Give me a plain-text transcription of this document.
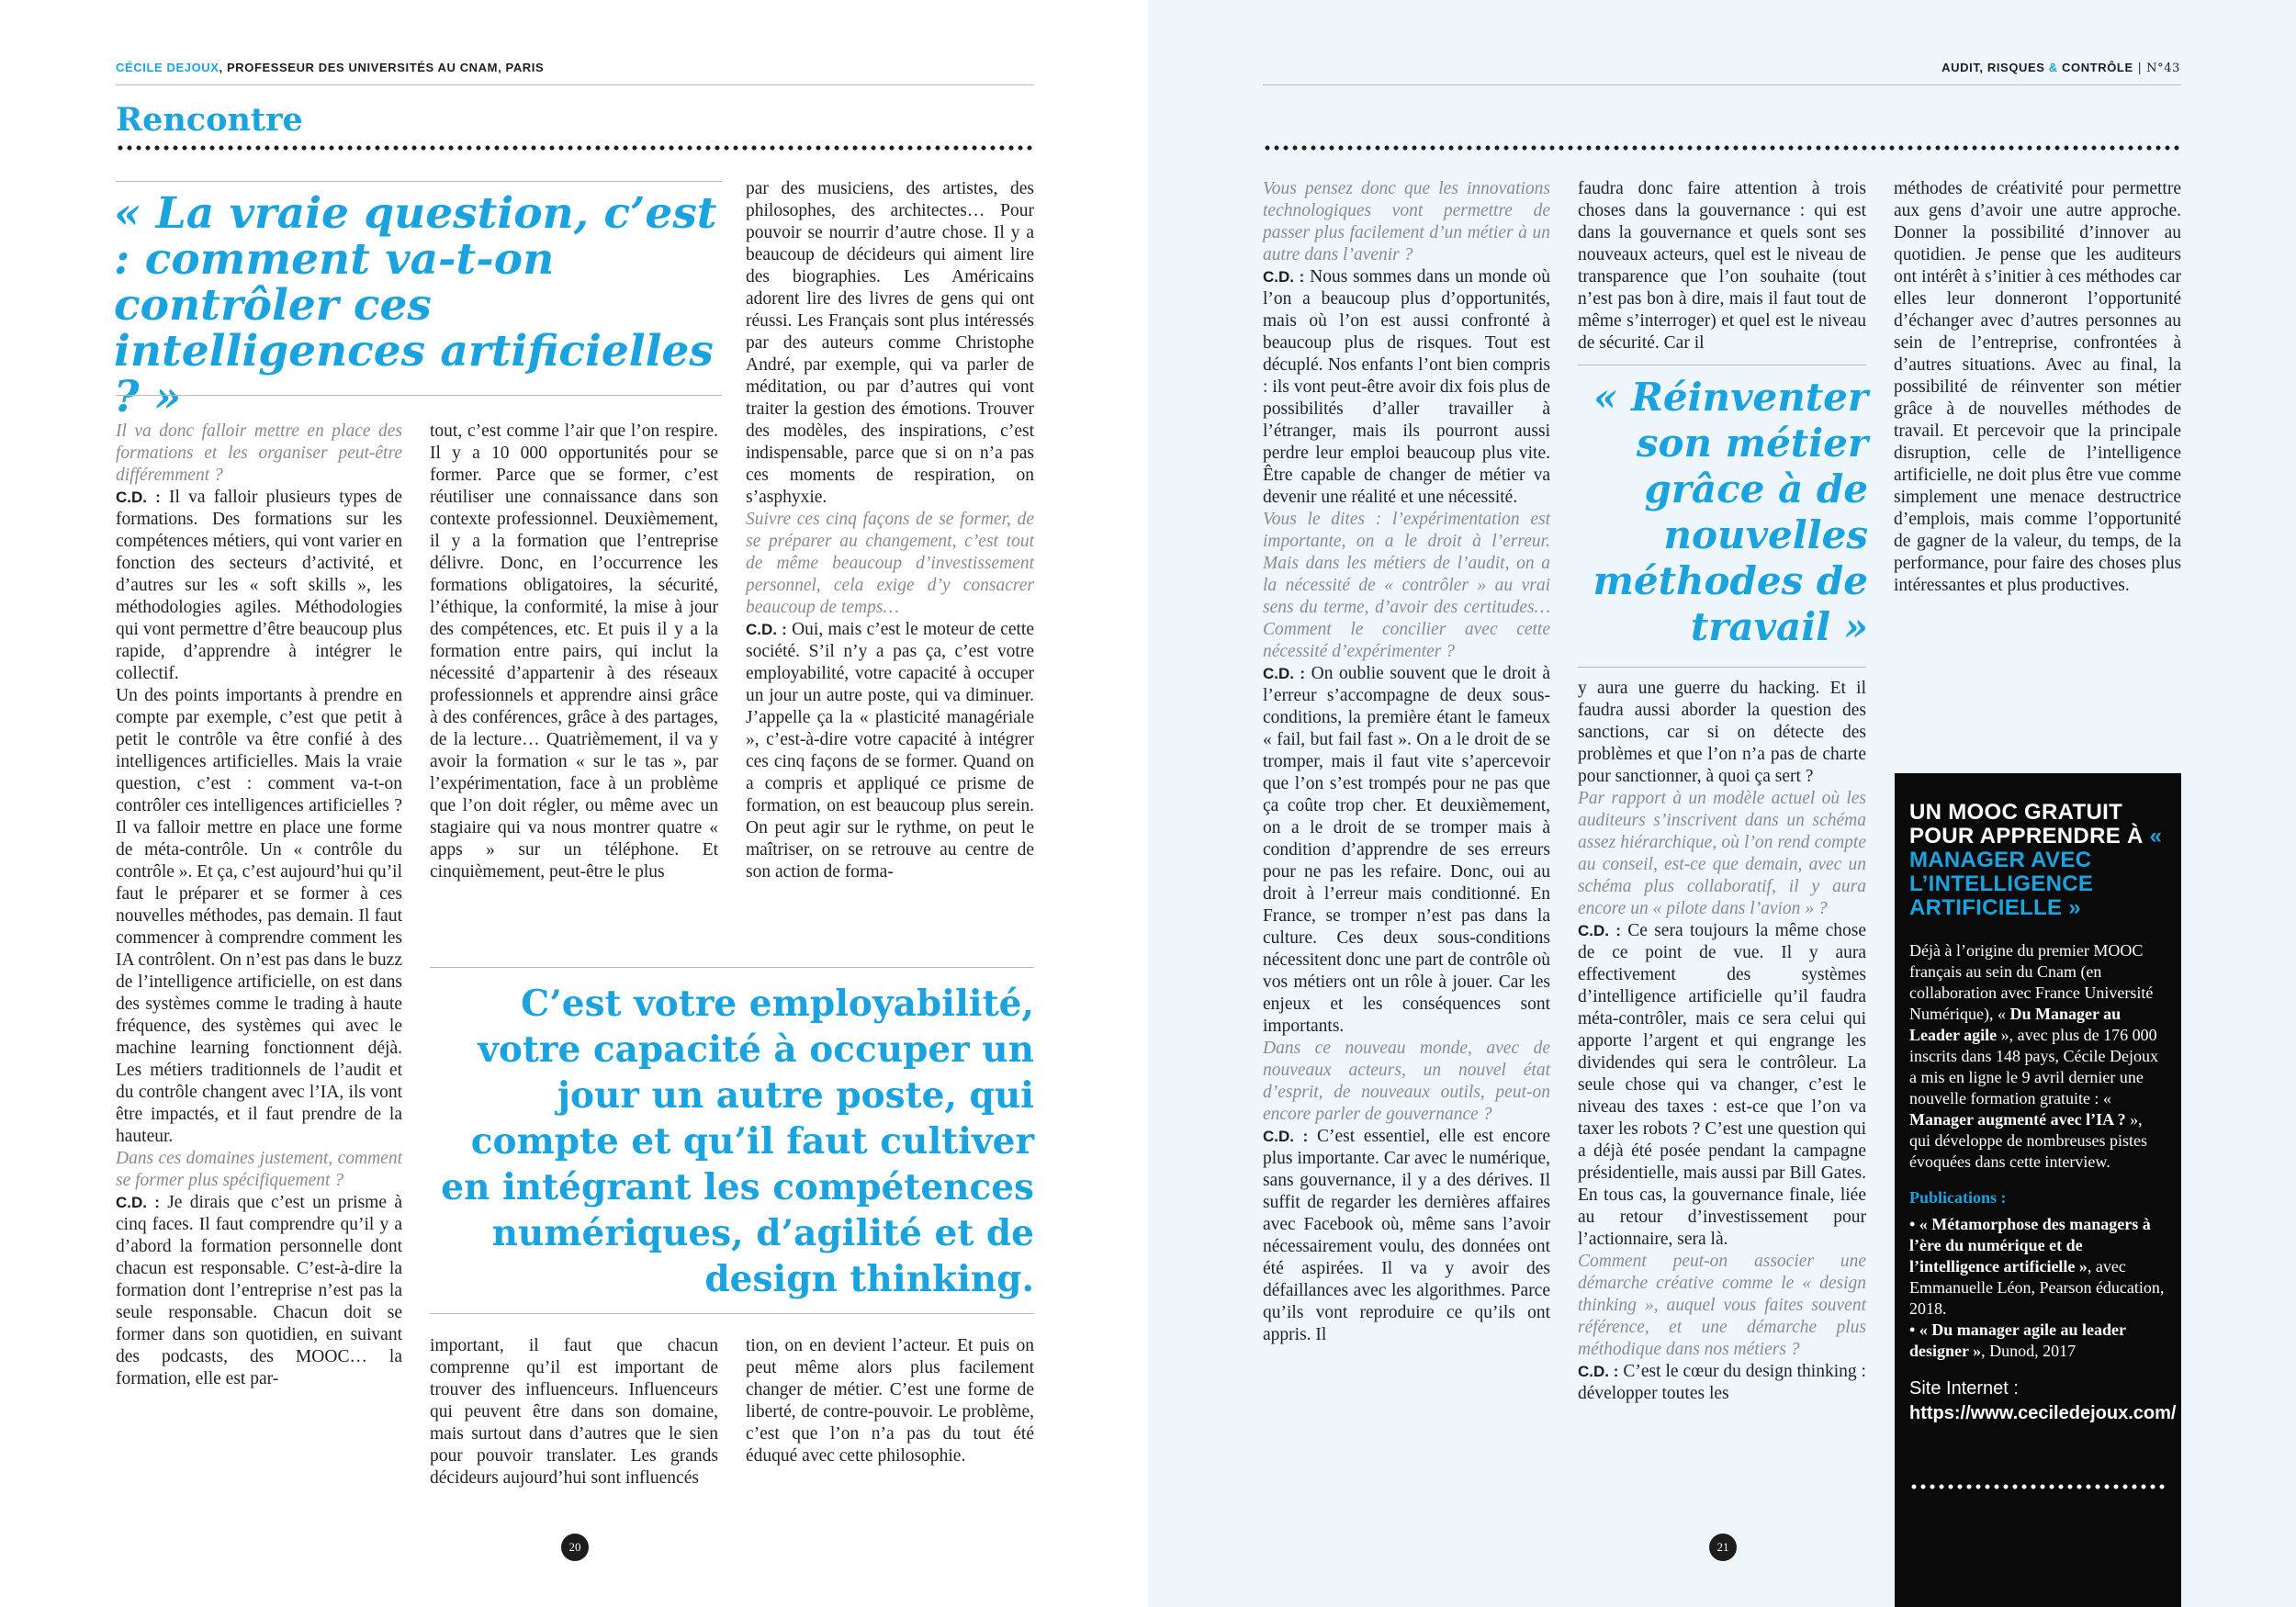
CÉCILE DEJOUX, PROFESSEUR DES UNIVERSITÉS AU CNAM, PARIS
Rencontre
« La vraie question, c’est : comment va-t-on contrôler ces intelligences artificielles ? »

Il va donc falloir mettre en place des formations et les organiser peut-être différemment ?

C.D. : Il va falloir plusieurs types de formations. Des formations sur les compétences métiers, qui vont varier en fonction des secteurs d’activité, et d’autres sur les « soft skills », les méthodologies agiles. Méthodologies qui vont permettre d’être beaucoup plus rapide, d’apprendre à intégrer le collectif.

Un des points importants à prendre en compte par exemple, c’est que petit à petit le contrôle va être confié à des intelligences artificielles. Mais la vraie question, c’est : comment va-t-on contrôler ces intelligences artificielles ? Il va falloir mettre en place une forme de méta-contrôle. Un « contrôle du contrôle ». Et ça, c’est aujourd’hui qu’il faut le préparer et se former à ces nouvelles méthodes, pas demain. Il faut commencer à comprendre comment les IA contrôlent. On n’est pas dans le buzz de l’intelligence artificielle, on est dans des systèmes comme le trading à haute fréquence, des systèmes qui avec le machine learning fonctionnent déjà. Les métiers traditionnels de l’audit et du contrôle changent avec l’IA, ils vont être impactés, et il faut prendre de la hauteur.

Dans ces domaines justement, comment se former plus spécifiquement ?

C.D. : Je dirais que c’est un prisme à cinq faces. Il faut comprendre qu’il y a d’abord la formation personnelle dont chacun est responsable. C’est-à-dire la formation dont l’entreprise n’est pas la seule responsable. Chacun doit se former dans son quotidien, en suivant des podcasts, des MOOC… la formation, elle est par-

tout, c’est comme l’air que l’on respire. Il y a 10 000 opportunités pour se former. Parce que se former, c’est réutiliser une connaissance dans son contexte professionnel. Deuxièmement, il y a la formation que l’entreprise délivre. Donc, en l’occurrence les formations obligatoires, la sécurité, l’éthique, la conformité, la mise à jour des compétences, etc. Et puis il y a la formation entre pairs, qui inclut la nécessité d’appartenir à des réseaux professionnels et apprendre ainsi grâce à des conférences, grâce à des partages, de la lecture… Quatrièmement, il va y avoir la formation « sur le tas », par l’expérimentation, face à un problème que l’on doit régler, ou même avec un stagiaire qui va nous montrer quatre « apps » sur un téléphone. Et cinquièmement, peut-être le plus

par des musiciens, des artistes, des philosophes, des architectes… Pour pouvoir se nourrir d’autre chose. Il y a beaucoup de décideurs qui aiment lire des biographies. Les Américains adorent lire des livres de gens qui ont réussi. Les Français sont plus intéressés par des auteurs comme Christophe André, par exemple, qui va parler de méditation, ou par d’autres qui vont traiter la gestion des émotions. Trouver des modèles, des inspirations, c’est indispensable, parce que si on n’a pas ces moments de respiration, on s’asphyxie.

Suivre ces cinq façons de se former, de se préparer au changement, c’est tout de même beaucoup d’investissement personnel, cela exige d’y consacrer beaucoup de temps…

C.D. : Oui, mais c’est le moteur de cette société. S’il n’y a pas ça, c’est votre employabilité, votre capacité à occuper un jour un autre poste, qui va diminuer. J’appelle ça la « plasticité managériale », c’est-à-dire votre capacité à intégrer ces cinq façons de se former. Quand on a compris et appliqué ce prisme de formation, on est beaucoup plus serein. On peut agir sur le rythme, on peut le maîtriser, on se retrouve au centre de son action de forma-

C’est votre employabilité, votre capacité à occuper un jour un autre poste, qui compte et qu’il faut cultiver en intégrant les compétences numériques, d’agilité et de design thinking.

important, il faut que chacun comprenne qu’il est important de trouver des influenceurs. Influenceurs qui peuvent être dans son domaine, mais surtout dans d’autres que le sien pour pouvoir translater. Les grands décideurs aujourd’hui sont influencés

tion, on en devient l’acteur. Et puis on peut même alors plus facilement changer de métier. C’est une forme de liberté, de contre-pouvoir. Le problème, c’est que l’on n’a pas du tout été éduqué avec cette philosophie.

20
AUDIT, RISQUES & CONTRÔLE | N°43

Vous pensez donc que les innovations technologiques vont permettre de passer plus facilement d’un métier à un autre dans l’avenir ?

C.D. : Nous sommes dans un monde où l’on a beaucoup plus d’opportunités, mais où l’on est aussi confronté à beaucoup plus de risques. Tout est décuplé. Nos enfants l’ont bien compris : ils vont peut-être avoir dix fois plus de possibilités d’aller travailler à l’étranger, mais ils pourront aussi perdre leur emploi beaucoup plus vite. Être capable de changer de métier va devenir une réalité et une nécessité.

Vous le dites : l’expérimentation est importante, on a le droit à l’erreur. Mais dans les métiers de l’audit, on a la nécessité de « contrôler » au vrai sens du terme, d’avoir des certitudes… Comment le concilier avec cette nécessité d’expérimenter ?

C.D. : On oublie souvent que le droit à l’erreur s’accompagne de deux sous-conditions, la première étant le fameux « fail, but fail fast ». On a le droit de se tromper, mais il faut vite s’apercevoir que l’on s’est trompés pour ne pas que ça coûte trop cher. Et deuxièmement, on a le droit de se tromper mais à condition d’apprendre de ses erreurs pour ne pas les refaire. Donc, oui au droit à l’erreur mais conditionné. En France, se tromper n’est pas dans la culture. Ces deux sous-conditions nécessitent donc une part de contrôle où vos métiers ont un rôle à jouer. Car les enjeux et les conséquences sont importants.

Dans ce nouveau monde, avec de nouveaux acteurs, un nouvel état d’esprit, de nouveaux outils, peut-on encore parler de gouvernance ?

C.D. : C’est essentiel, elle est encore plus importante. Car avec le numérique, sans gouvernance, il y a des dérives. Il suffit de regarder les dernières affaires avec Facebook où, même sans l’avoir nécessairement voulu, des données ont été aspirées. Il va y avoir des défaillances avec les algorithmes. Parce qu’ils vont reproduire ce qu’ils ont appris. Il

faudra donc faire attention à trois choses dans la gouvernance : qui est dans la gouvernance et quels sont ses nouveaux acteurs, quel est le niveau de transparence que l’on souhaite (tout n’est pas bon à dire, mais il faut tout de même s’interroger) et quel est le niveau de sécurité. Car il

« Réinventer son métier grâce à de nouvelles méthodes de travail »

y aura une guerre du hacking. Et il faudra aussi aborder la question des sanctions, car si on détecte des problèmes et que l’on n’a pas de charte pour sanctionner, à quoi ça sert ?

Par rapport à un modèle actuel où les auditeurs s’inscrivent dans un schéma assez hiérarchique, où l’on rend compte au conseil, est-ce que demain, avec un schéma plus collaboratif, il y aura encore un « pilote dans l’avion » ?

C.D. : Ce sera toujours la même chose de ce point de vue. Il y aura effectivement des systèmes d’intelligence artificielle qu’il faudra méta-contrôler, mais ce sera celui qui apporte l’argent et qui engrange les dividendes qui sera le contrôleur. La seule chose qui va changer, c’est le niveau des taxes : est-ce que l’on va taxer les robots ? C’est une question qui a déjà été posée pendant la campagne présidentielle, mais aussi par Bill Gates. En tous cas, la gouvernance finale, liée au retour d’investissement pour l’actionnaire, sera là.

Comment peut-on associer une démarche créative comme le « design thinking », auquel vous faites souvent référence, et une démarche plus méthodique dans nos métiers ?

C.D. : C’est le cœur du design thinking : développer toutes les

méthodes de créativité pour permettre aux gens d’avoir une autre approche. Donner la possibilité d’innover au quotidien. Je pense que les auditeurs ont intérêt à s’initier à ces méthodes car elles leur donneront l’opportunité d’échanger avec d’autres personnes au sein de l’entreprise, confrontées à d’autres situations. Avec au final, la possibilité de réinventer son métier grâce à de nouvelles méthodes de travail. Et percevoir que la principale disruption, celle de l’intelligence artificielle, ne doit plus être vue comme simplement une menace destructrice d’emplois, mais comme l’opportunité de gagner de la valeur, du temps, de la performance, pour faire des choses plus intéressantes et plus productives.

21
UN MOOC GRATUIT POUR APPRENDRE À « MANAGER AVEC L’INTELLIGENCE ARTIFICIELLE »

Déjà à l’origine du premier MOOC français au sein du Cnam (en collaboration avec France Université Numérique), « Du Manager au Leader agile », avec plus de 176 000 inscrits dans 148 pays, Cécile Dejoux a mis en ligne le 9 avril dernier une nouvelle formation gratuite : « Manager augmenté avec l’IA ? », qui développe de nombreuses pistes évoquées dans cette interview.

Publications :

• « Métamorphose des managers à l’ère du numérique et de l’intelligence artificielle », avec Emmanuelle Léon, Pearson éducation, 2018.

• « Du manager agile au leader designer », Dunod, 2017

Site Internet : https://www.ceciledejoux.com/
